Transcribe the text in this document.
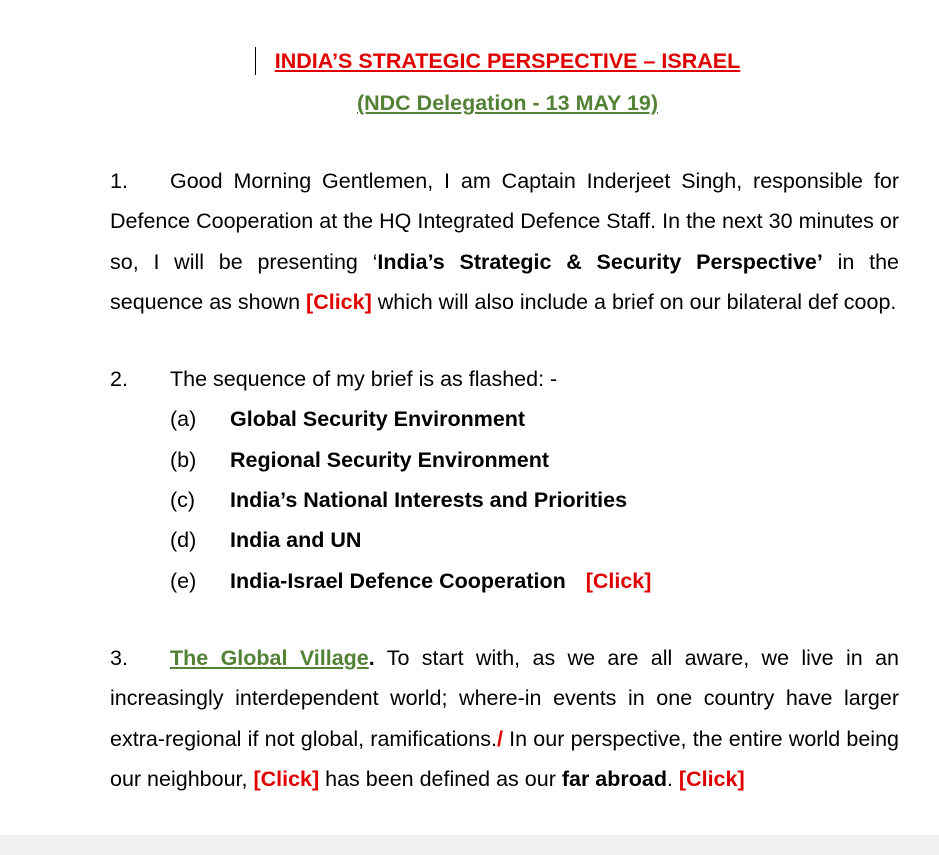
INDIA’S STRATEGIC PERSPECTIVE – ISRAEL
(NDC Delegation - 13 MAY 19)
1. Good Morning Gentlemen, I am Captain Inderjeet Singh, responsible for Defence Cooperation at the HQ Integrated Defence Staff. In the next 30 minutes or so, I will be presenting ‘India’s Strategic & Security Perspective’ in the sequence as shown [Click] which will also include a brief on our bilateral def coop.
2. The sequence of my brief is as flashed: -
(a) Global Security Environment
(b) Regional Security Environment
(c) India’s National Interests and Priorities
(d) India and UN
(e) India-Israel Defence Cooperation [Click]
3. The Global Village. To start with, as we are all aware, we live in an increasingly interdependent world; where-in events in one country have larger extra-regional if not global, ramifications./ In our perspective, the entire world being our neighbour, [Click] has been defined as our far abroad. [Click]
